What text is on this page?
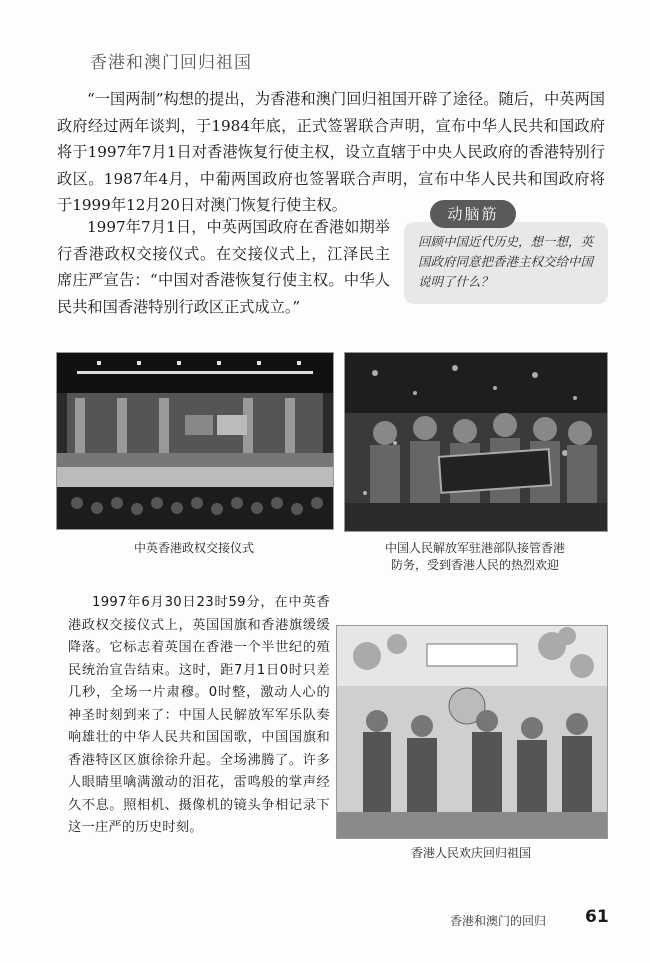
香港和澳门回归祖国
“一国两制”构想的提出，为香港和澳门回归祖国开辟了途径。随后，中英两国政府经过两年谈判，于1984年底，正式签署联合声明，宣布中华人民共和国政府将于1997年7月1日对香港恢复行使主权，设立直辖于中央人民政府的香港特别行政区。1987年4月，中葡两国政府也签署联合声明，宣布中华人民共和国政府将于1999年12月20日对澳门恢复行使主权。
1997年7月1日，中英两国政府在香港如期举行香港政权交接仪式。在交接仪式上，江泽民主席庄严宣告：“中国对香港恢复行使主权。中华人民共和国香港特别行政区正式成立。”
动脑筋
回顾中国近代历史，想一想，英国政府同意把香港主权交给中国说明了什么？
中英香港政权交接仪式	中国人民解放军驻港部队接管香港
防务，受到香港人民的热烈欢迎
1997年6月30日23时59分，在中英香港政权交接仪式上，英国国旗和香港旗缓缓降落。它标志着英国在香港一个半世纪的殖民统治宣告结束。这时，距7月1日0时只差几秒，全场一片肃穆。0时整，激动人心的神圣时刻到来了：中国人民解放军军乐队奏响雄壮的中华人民共和国国歌，中国国旗和香港特区区旗徐徐升起。全场沸腾了。许多人眼睛里噙满激动的泪花，雷鸣般的掌声经久不息。照相机、摄像机的镜头争相记录下这一庄严的历史时刻。
香港人民欢庆回归祖国
香港和澳门的回归 61
